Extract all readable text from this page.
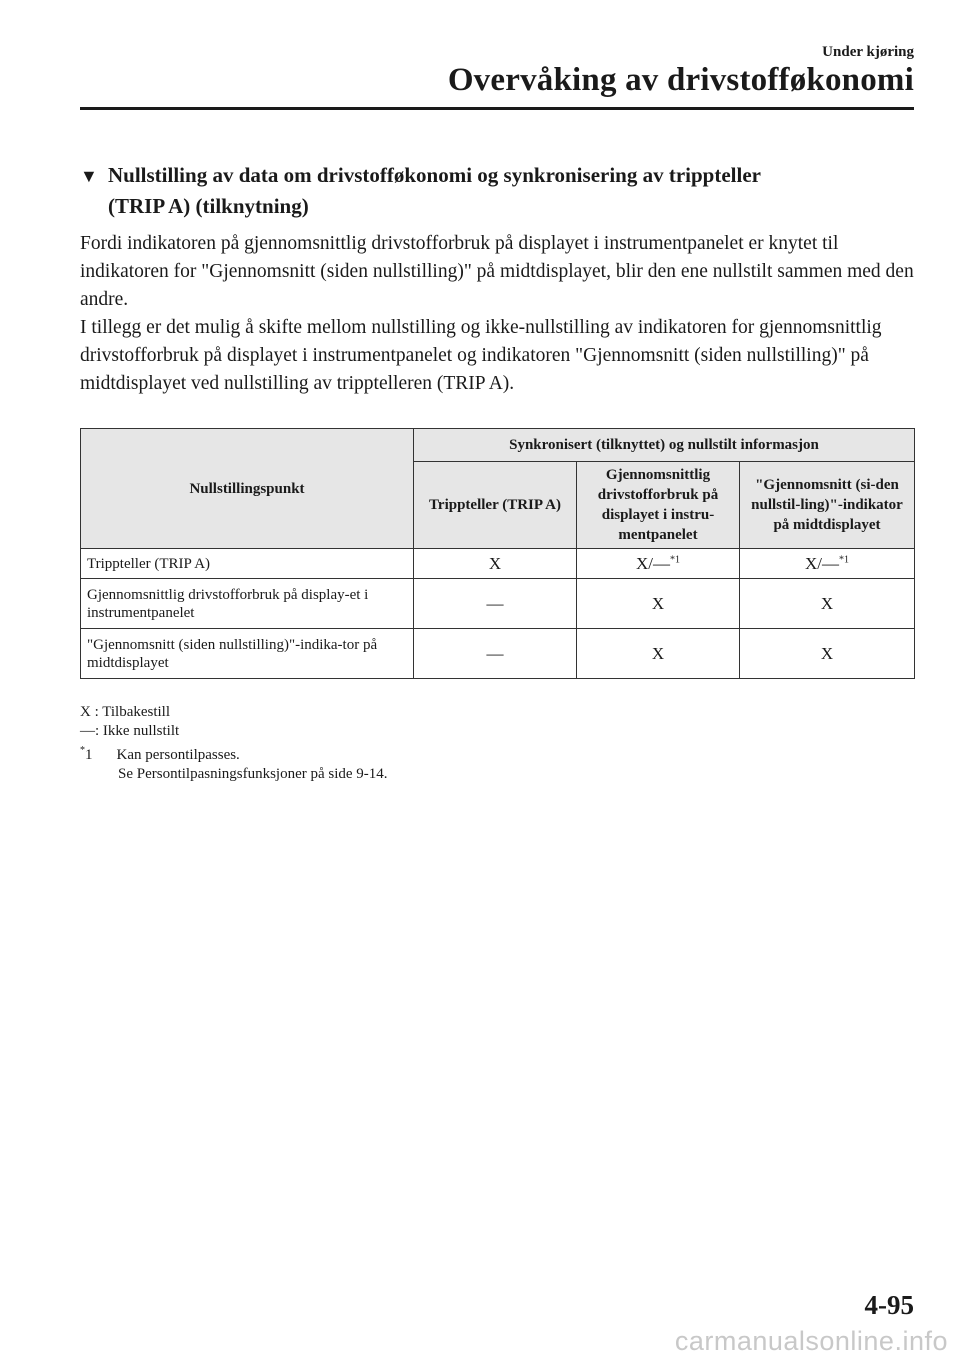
Under kjøring
Overvåking av drivstofføkonomi
▼ Nullstilling av data om drivstofføkonomi og synkronisering av trippteller
(TRIP A) (tilknytning)

Fordi indikatoren på gjennomsnittlig drivstofforbruk på displayet i instrumentpanelet er knytet til indikatoren for "Gjennomsnitt (siden nullstilling)" på midtdisplayet, blir den ene nullstilt sammen med den andre.

I tillegg er det mulig å skifte mellom nullstilling og ikke-nullstilling av indikatoren for gjennomsnittlig drivstofforbruk på displayet i instrumentpanelet og indikatoren "Gjennomsnitt (siden nullstilling)" på midtdisplayet ved nullstilling av tripptelleren (TRIP A).

Nullstillingspunkt	Synkronisert (tilknyttet) og nullstilt informasjon		
	Trippteller (TRIP A)	Gjennomsnittlig drivstofforbruk på displayet i instru-mentpanelet	"Gjennomsnitt (si-den nullstil-ling)"-indikator på midtdisplayet
Trippteller (TRIP A)	X	X/—$^{*1}$	X/—$^{*1}$
Gjennomsnittlig drivstofforbruk på display-et i instrumentpanelet	—	X	X
"Gjennomsnitt (siden nullstilling)"-indika-tor på midtdisplayet	—	X	X

X : Tilbakestill

—: Ikke nullstilt

*1 Kan persontilpasses.

Se Persontilpasningsfunksjoner på side 9-14.

4-95
carmanualsonline.info
